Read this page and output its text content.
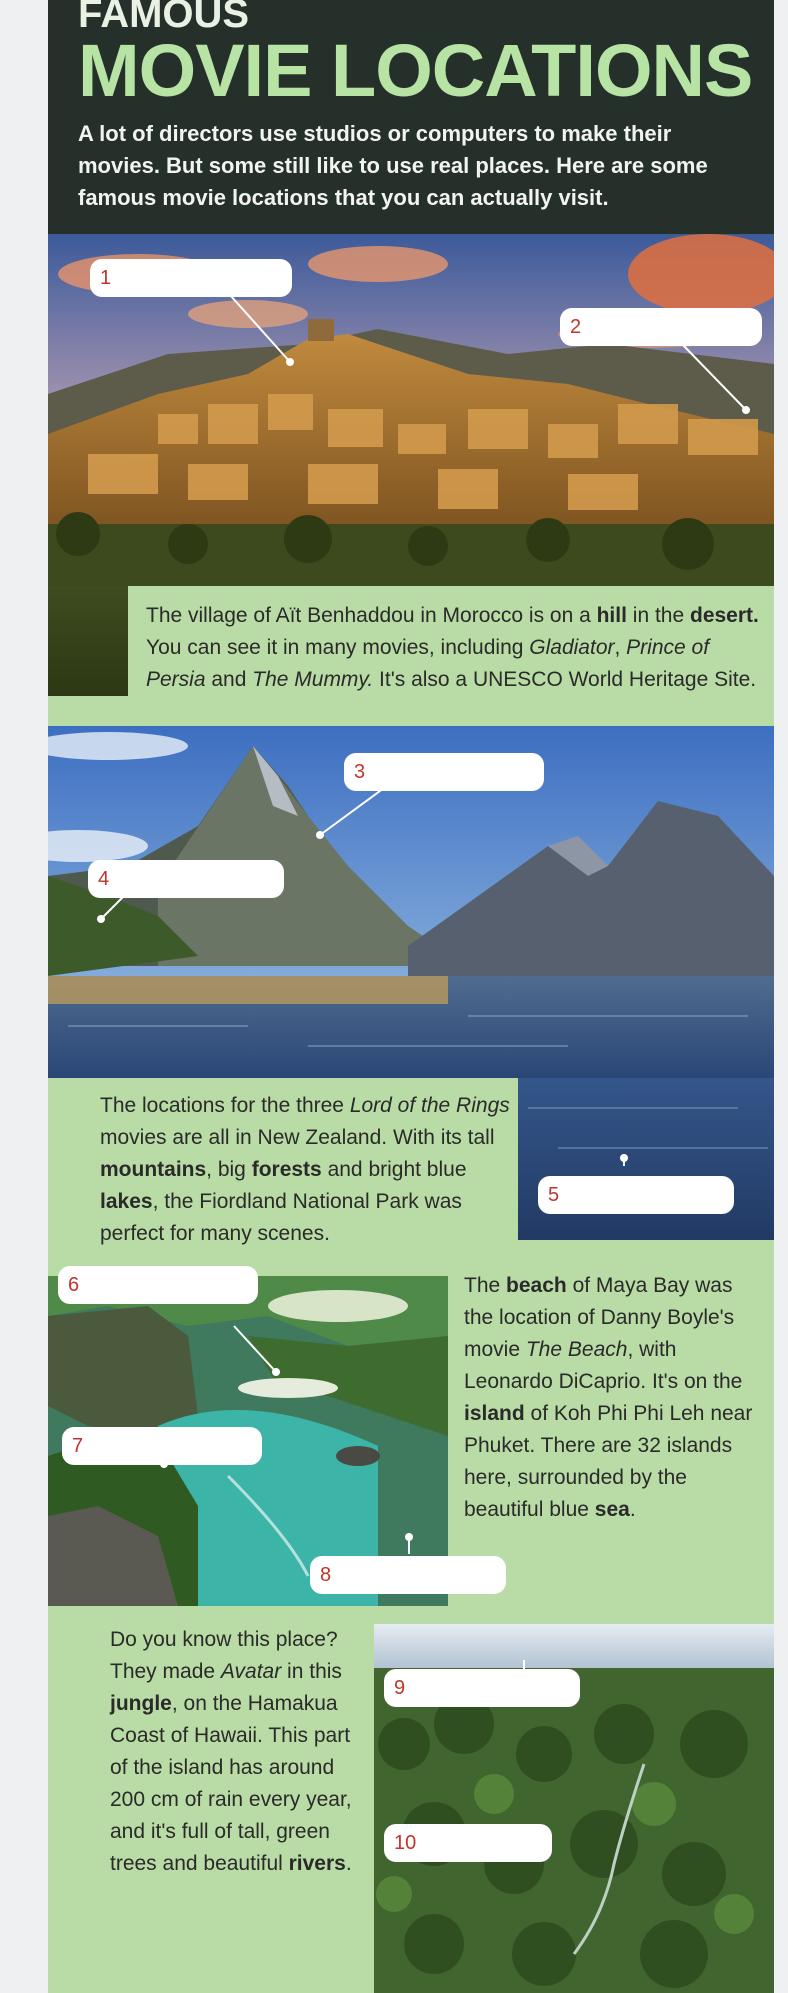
FAMOUS
MOVIE LOCATIONS
A lot of directors use studios or computers to make their movies. But some still like to use real places. Here are some famous movie locations that you can actually visit.
1
2
The village of Aït Benhaddou in Morocco is on a hill in the desert. You can see it in many movies, including Gladiator, Prince of Persia and The Mummy. It's also a UNESCO World Heritage Site.
3
4
5
The locations for the three Lord of the Rings movies are all in New Zealand. With its tall mountains, big forests and bright blue lakes, the Fiordland National Park was perfect for many scenes.
6
7
8
The beach of Maya Bay was the location of Danny Boyle's movie The Beach, with Leonardo DiCaprio. It's on the island of Koh Phi Phi Leh near Phuket. There are 32 islands here, surrounded by the beautiful blue sea.
9
10
Do you know this place? They made Avatar in this jungle, on the Hamakua Coast of Hawaii. This part of the island has around 200 cm of rain every year, and it's full of tall, green trees and beautiful rivers.
